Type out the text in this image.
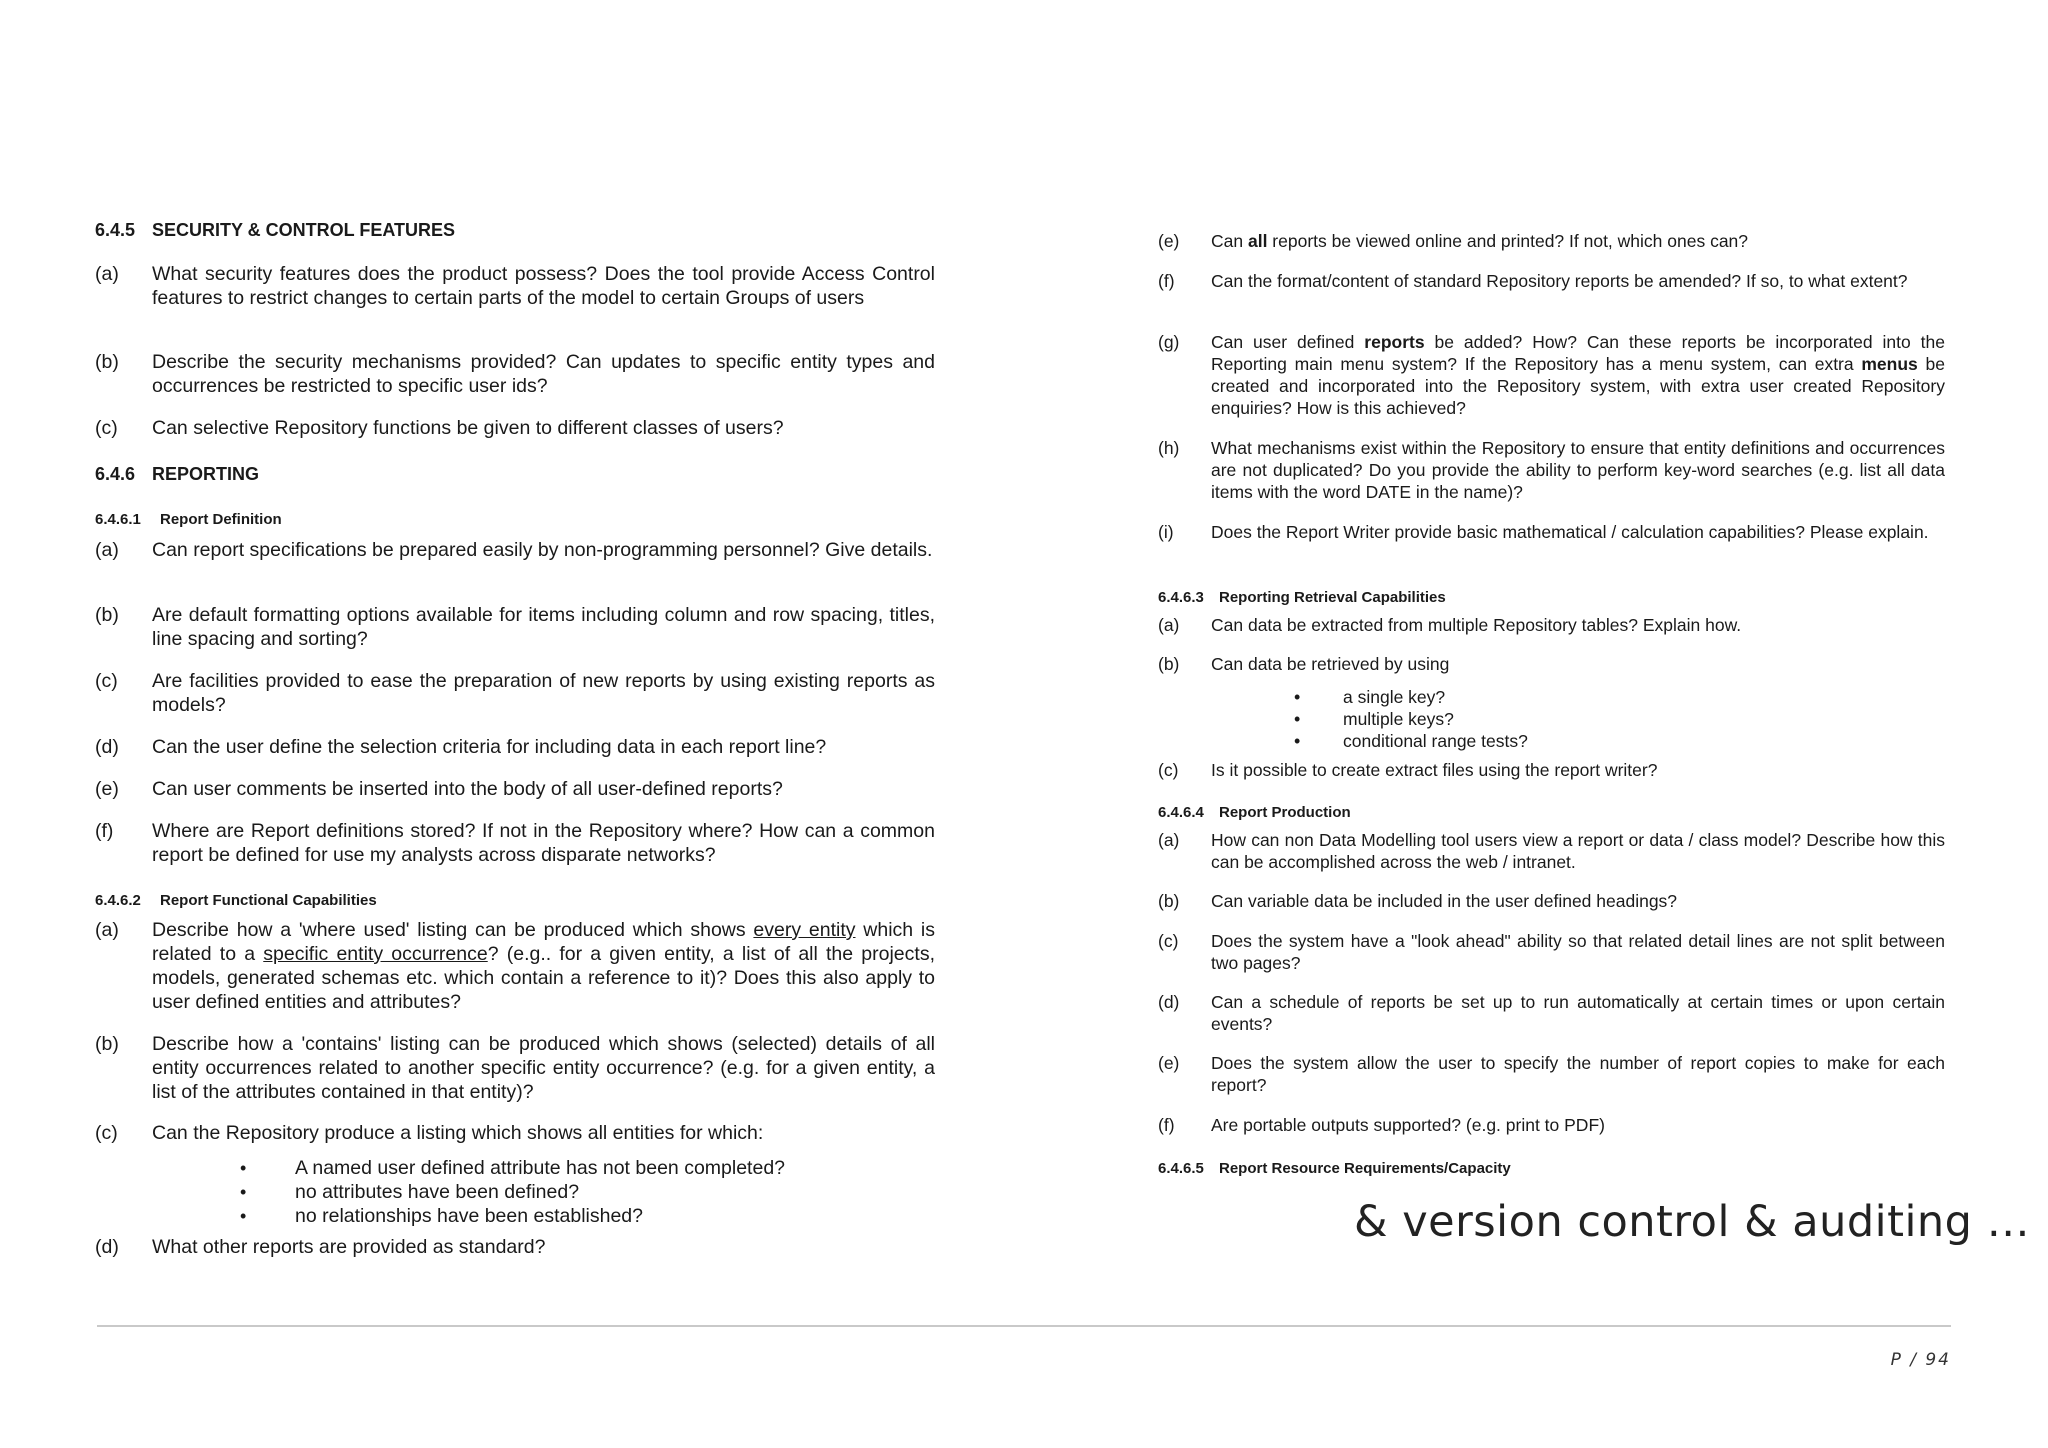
6.4.5 SECURITY & CONTROL FEATURES
(a) What security features does the product possess? Does the tool provide Access Control features to restrict changes to certain parts of the model to certain Groups of users
(b) Describe the security mechanisms provided? Can updates to specific entity types and occurrences be restricted to specific user ids?
(c) Can selective Repository functions be given to different classes of users?
6.4.6 REPORTING
6.4.6.1 Report Definition
(a) Can report specifications be prepared easily by non-programming personnel? Give details.
(b) Are default formatting options available for items including column and row spacing, titles, line spacing and sorting?
(c) Are facilities provided to ease the preparation of new reports by using existing reports as models?
(d) Can the user define the selection criteria for including data in each report line?
(e) Can user comments be inserted into the body of all user-defined reports?
(f) Where are Report definitions stored? If not in the Repository where? How can a common report be defined for use my analysts across disparate networks?
6.4.6.2 Report Functional Capabilities
(a) Describe how a 'where used' listing can be produced which shows every entity which is related to a specific entity occurrence? (e.g.. for a given entity, a list of all the projects, models, generated schemas etc. which contain a reference to it)? Does this also apply to user defined entities and attributes?
(b) Describe how a 'contains' listing can be produced which shows (selected) details of all entity occurrences related to another specific entity occurrence? (e.g. for a given entity, a list of the attributes contained in that entity)?
(c) Can the Repository produce a listing which shows all entities for which:
• A named user defined attribute has not been completed?
• no attributes have been defined?
• no relationships have been established?
(d) What other reports are provided as standard?
(e) Can all reports be viewed online and printed? If not, which ones can?
(f) Can the format/content of standard Repository reports be amended? If so, to what extent?
(g) Can user defined reports be added? How? Can these reports be incorporated into the Reporting main menu system? If the Repository has a menu system, can extra menus be created and incorporated into the Repository system, with extra user created Repository enquiries? How is this achieved?
(h) What mechanisms exist within the Repository to ensure that entity definitions and occurrences are not duplicated? Do you provide the ability to perform key-word searches (e.g. list all data items with the word DATE in the name)?
(i) Does the Report Writer provide basic mathematical / calculation capabilities? Please explain.
6.4.6.3 Reporting Retrieval Capabilities
(a) Can data be extracted from multiple Repository tables? Explain how.
(b) Can data be retrieved by using
• a single key?
• multiple keys?
• conditional range tests?
(c) Is it possible to create extract files using the report writer?
6.4.6.4 Report Production
(a) How can non Data Modelling tool users view a report or data / class model? Describe how this can be accomplished across the web / intranet.
(b) Can variable data be included in the user defined headings?
(c) Does the system have a "look ahead" ability so that related detail lines are not split between two pages?
(d) Can a schedule of reports be set up to run automatically at certain times or upon certain events?
(e) Does the system allow the user to specify the number of report copies to make for each report?
(f) Are portable outputs supported? (e.g. print to PDF)
6.4.6.5 Report Resource Requirements/Capacity
& version control & auditing …
P / 94
